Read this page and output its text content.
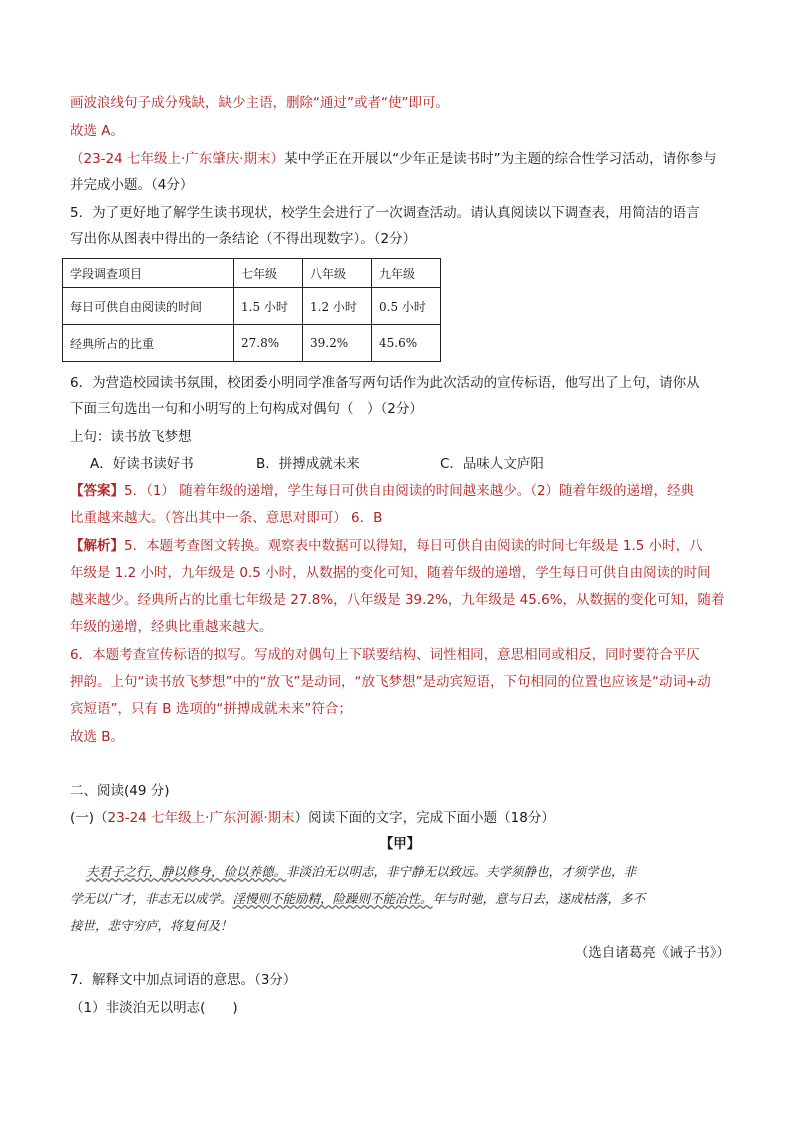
画波浪线句子成分残缺，缺少主语，删除“通过”或者“使”即可。
故选 A。
（23-24 七年级上·广东肇庆·期末）某中学正在开展以“少年正是读书时”为主题的综合性学习活动，请你参与
并完成小题。（4分）
5．为了更好地了解学生读书现状，校学生会进行了一次调查活动。请认真阅读以下调查表，用简洁的语言
写出你从图表中得出的一条结论（不得出现数字）。（2分）
学段调查项目	七年级	八年级	九年级
每日可供自由阅读的时间	1.5 小时	1.2 小时	0.5 小时
经典所占的比重	27.8%	39.2%	45.6%
6．为营造校园读书氛围，校团委小明同学准备写两句话作为此次活动的宣传标语，他写出了上句，请你从
下面三句选出一句和小明写的上句构成对偶句（　）（2分）
上句：读书放飞梦想
A．好读书读好书	B．拼搏成就未来	C．品味人文庐阳
【答案】5．（1） 随着年级的递增，学生每日可供自由阅读的时间越来越少。（2）随着年级的递增，经典
比重越来越大。（答出其中一条、意思对即可） 6．B
【解析】5．本题考查图文转换。观察表中数据可以得知，每日可供自由阅读的时间七年级是 1.5 小时，八
年级是 1.2 小时，九年级是 0.5 小时，从数据的变化可知，随着年级的递增，学生每日可供自由阅读的时间
越来越少。经典所占的比重七年级是 27.8%，八年级是 39.2%，九年级是 45.6%，从数据的变化可知，随着
年级的递增，经典比重越来越大。
6．本题考查宣传标语的拟写。写成的对偶句上下联要结构、词性相同，意思相同或相反，同时要符合平仄
押韵。上句“读书放飞梦想”中的“放飞”是动词，“放飞梦想”是动宾短语，下句相同的位置也应该是“动词+动
宾短语”，只有 B 选项的“拼搏成就未来”符合；
故选 B。
二、阅读(49 分)
(一)（23-24 七年级上·广东河源·期末）阅读下面的文字，完成下面小题（18分）
【甲】
夫君子之行，静以修身，俭以养德。非淡泊无以明志，非宁静无以致远。夫学须静也，才须学也，非
学无以广才，非志无以成学。淫慢则不能励精，险躁则不能冶性。年与时驰，意与日去，遂成枯落，多不
接世，悲守穷庐，将复何及！
（选自诸葛亮《诫子书》）
7．解释文中加点词语的意思。（3分）
（1）非淡泊无以明志(　　)
